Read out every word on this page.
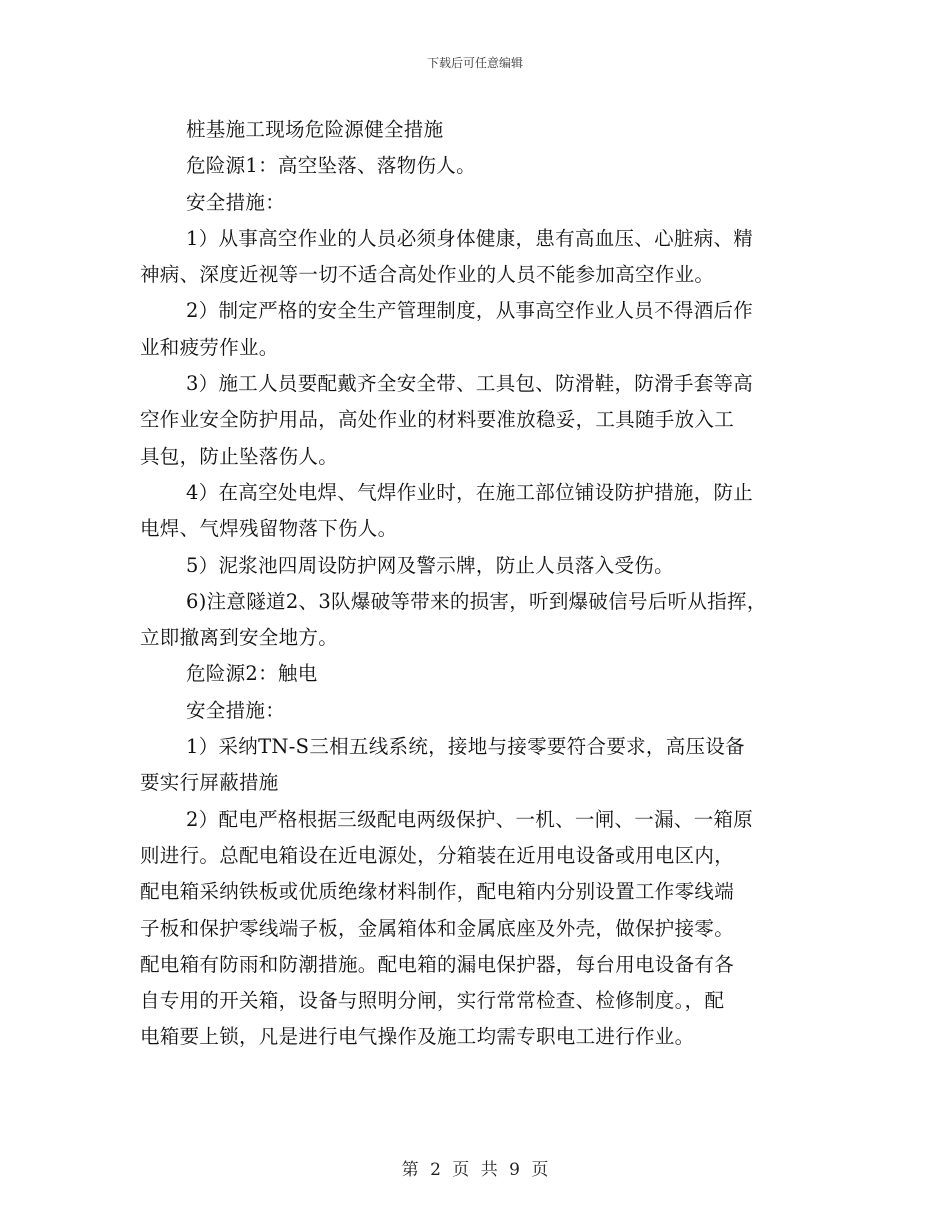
下载后可任意编辑
桩基施工现场危险源健全措施
危险源1：高空坠落、落物伤人。
安全措施：
1）从事高空作业的人员必须身体健康，患有高血压、心脏病、精
神病、深度近视等一切不适合高处作业的人员不能参加高空作业。
2）制定严格的安全生产管理制度，从事高空作业人员不得酒后作
业和疲劳作业。
3）施工人员要配戴齐全安全带、工具包、防滑鞋，防滑手套等高
空作业安全防护用品，高处作业的材料要准放稳妥，工具随手放入工
具包，防止坠落伤人。
4）在高空处电焊、气焊作业时，在施工部位铺设防护措施，防止
电焊、气焊残留物落下伤人。
5）泥浆池四周设防护网及警示牌，防止人员落入受伤。
6)注意隧道2、3队爆破等带来的损害，听到爆破信号后听从指挥，
立即撤离到安全地方。
危险源2：触电
安全措施：
1）采纳TN-S三相五线系统，接地与接零要符合要求，高压设备
要实行屏蔽措施
2）配电严格根据三级配电两级保护、一机、一闸、一漏、一箱原
则进行。总配电箱设在近电源处，分箱装在近用电设备或用电区内，
配电箱采纳铁板或优质绝缘材料制作，配电箱内分别设置工作零线端
子板和保护零线端子板，金属箱体和金属底座及外壳，做保护接零。
配电箱有防雨和防潮措施。配电箱的漏电保护器，每台用电设备有各
自专用的开关箱，设备与照明分闸，实行常常检查、检修制度。，配
电箱要上锁，凡是进行电气操作及施工均需专职电工进行作业。
第 2 页 共 9 页
